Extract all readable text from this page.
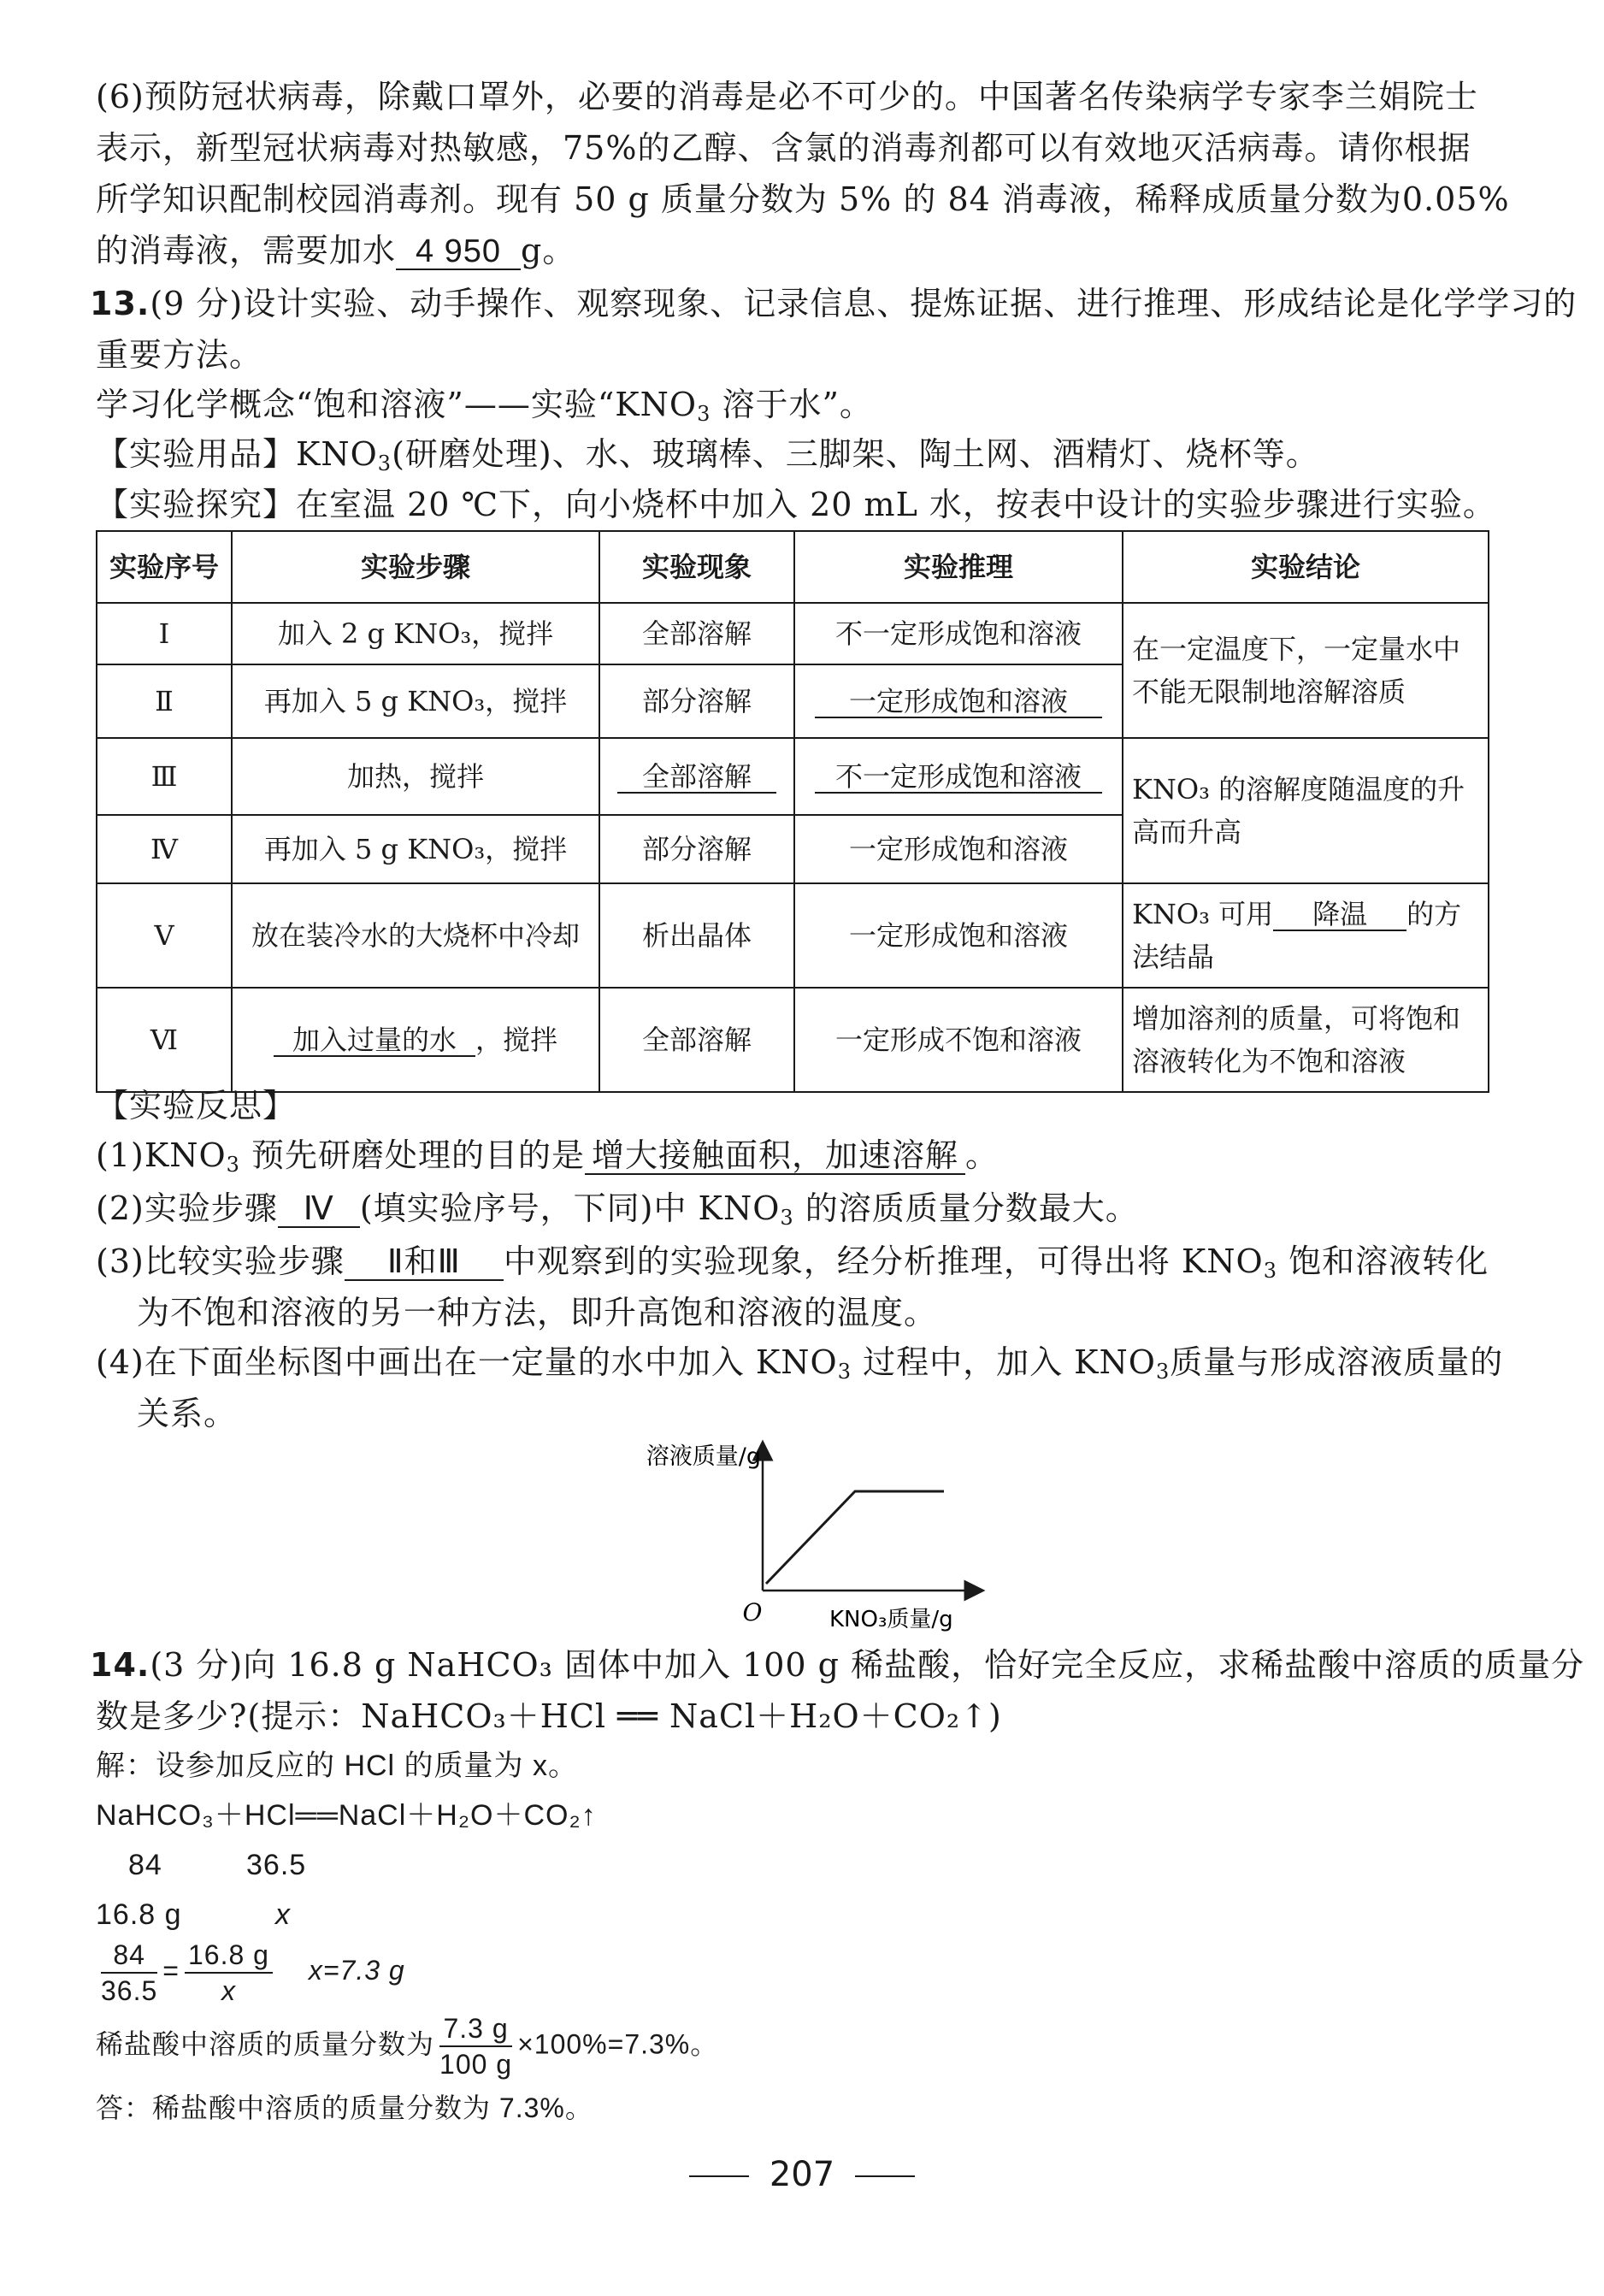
(6)预防冠状病毒，除戴口罩外，必要的消毒是必不可少的。中国著名传染病学专家李兰娟院士
表示，新型冠状病毒对热敏感，75%的乙醇、含氯的消毒剂都可以有效地灭活病毒。请你根据
所学知识配制校园消毒剂。现有 50 g 质量分数为 5% 的 84 消毒液，稀释成质量分数为0.05%
的消毒液，需要加水 4 950 g。
13.(9 分)设计实验、动手操作、观察现象、记录信息、提炼证据、进行推理、形成结论是化学学习的
重要方法。
学习化学概念“饱和溶液”——实验“$KNO_3$ 溶于水”。
【实验用品】$KNO_3$(研磨处理)、水、玻璃棒、三脚架、陶土网、酒精灯、烧杯等。
【实验探究】在室温 20 ℃下，向小烧杯中加入 20 mL 水，按表中设计的实验步骤进行实验。
实验序号	实验步骤	实验现象	实验推理	实验结论
Ⅰ	加入 2 g KNO₃，搅拌	全部溶解	不一定形成饱和溶液	在一定温度下，一定量水中不能无限制地溶解溶质
Ⅱ	再加入 5 g KNO₃，搅拌	部分溶解	一定形成饱和溶液	
Ⅲ	加热，搅拌	全部溶解	不一定形成饱和溶液	KNO₃ 的溶解度随温度的升高而升高
Ⅳ	再加入 5 g KNO₃，搅拌	部分溶解	一定形成饱和溶液	
Ⅴ	放在装冷水的大烧杯中冷却	析出晶体	一定形成饱和溶液	KNO₃ 可用 降温 的方法结晶
Ⅵ	加入过量的水 ，搅拌	全部溶解	一定形成不饱和溶液	增加溶剂的质量，可将饱和溶液转化为不饱和溶液
【实验反思】
$(1)KNO_3$ 预先研磨处理的目的是 增大接触面积，加速溶解 。
(2)实验步骤 Ⅳ (填实验序号，下同)中 $KNO_3$ 的溶质质量分数最大。
(3)比较实验步骤 Ⅱ和Ⅲ 中观察到的实验现象，经分析推理，可得出将 $KNO_3$ 饱和溶液转化
为不饱和溶液的另一种方法，即升高饱和溶液的温度。
(4)在下面坐标图中画出在一定量的水中加入 $KNO_3$ 过程中，加入 $KNO_3$质量与形成溶液质量的
关系。
溶液质量/g
O	KNO₃质量/g
14.(3 分)向 16.8 g NaHCO₃ 固体中加入 100 g 稀盐酸，恰好完全反应，求稀盐酸中溶质的质量分
数是多少?(提示：NaHCO₃＋HCl ══ NaCl＋H₂O＋CO₂↑)
解：设参加反应的 HCl 的质量为 x。
NaHCO₃＋HCl══NaCl＋H₂O＋CO₂↑
84	36.5
16.8 g	x
$\frac{84}{36.5} = \frac{16.8 g}{x} x=7.3$ g
稀盐酸中溶质的质量分数为 $\frac{7.3 g}{100 g} \times 100\%=7.3\%$。
答：稀盐酸中溶质的质量分数为 7.3%。
207
